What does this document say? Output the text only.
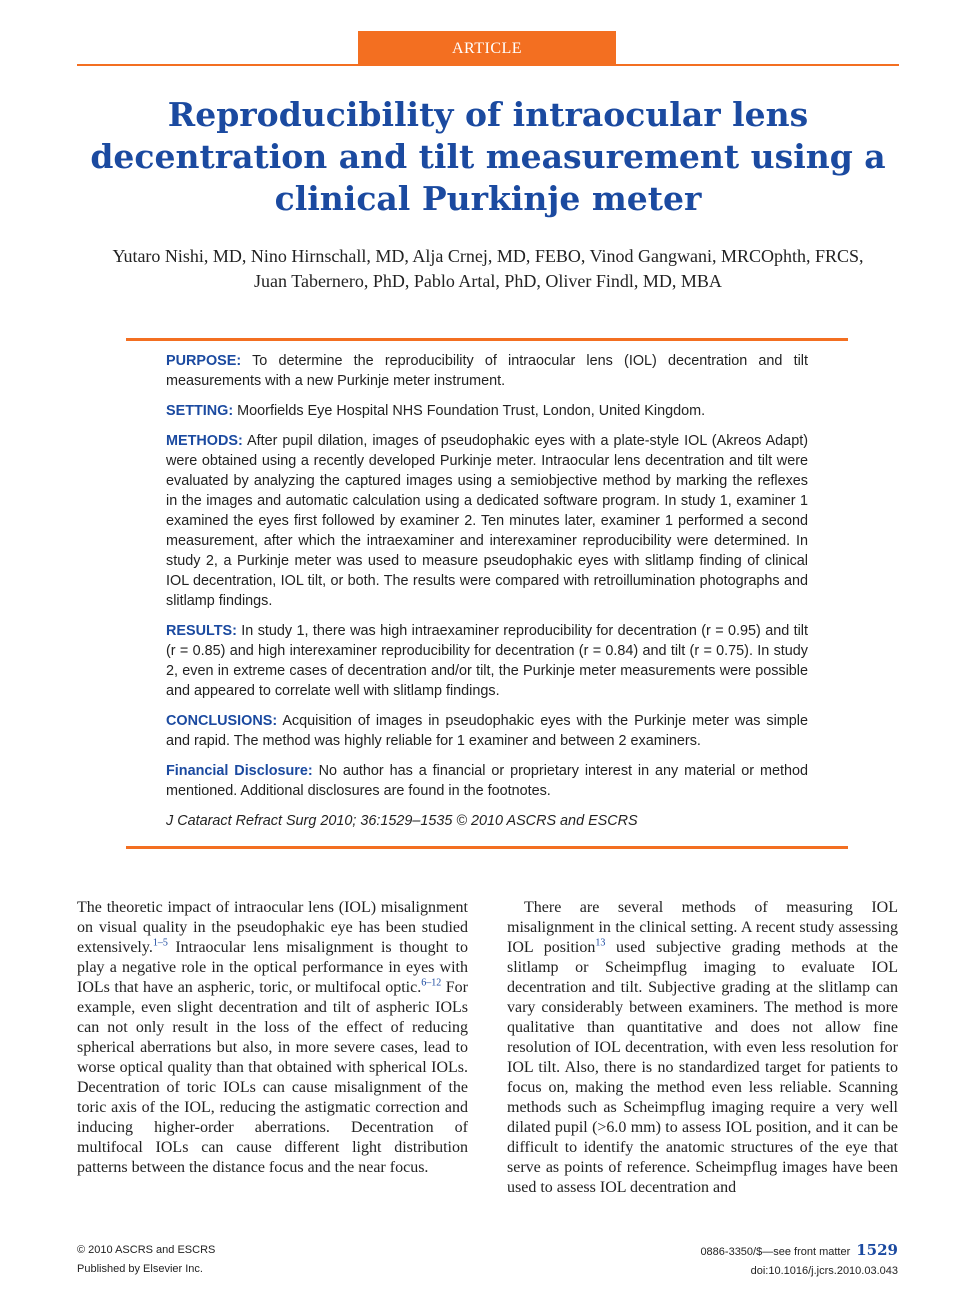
ARTICLE
Reproducibility of intraocular lens decentration and tilt measurement using a clinical Purkinje meter
Yutaro Nishi, MD, Nino Hirnschall, MD, Alja Crnej, MD, FEBO, Vinod Gangwani, MRCOphth, FRCS,
Juan Tabernero, PhD, Pablo Artal, PhD, Oliver Findl, MD, MBA

PURPOSE: To determine the reproducibility of intraocular lens (IOL) decentration and tilt measurements with a new Purkinje meter instrument.

SETTING: Moorfields Eye Hospital NHS Foundation Trust, London, United Kingdom.

METHODS: After pupil dilation, images of pseudophakic eyes with a plate-style IOL (Akreos Adapt) were obtained using a recently developed Purkinje meter. Intraocular lens decentration and tilt were evaluated by analyzing the captured images using a semiobjective method by marking the reflexes in the images and automatic calculation using a dedicated software program. In study 1, examiner 1 examined the eyes first followed by examiner 2. Ten minutes later, examiner 1 performed a second measurement, after which the intraexaminer and interexaminer reproducibility were determined. In study 2, a Purkinje meter was used to measure pseudophakic eyes with slitlamp finding of clinical IOL decentration, IOL tilt, or both. The results were compared with retroillumination photographs and slitlamp findings.

RESULTS: In study 1, there was high intraexaminer reproducibility for decentration (r = 0.95) and tilt (r = 0.85) and high interexaminer reproducibility for decentration (r = 0.84) and tilt (r = 0.75). In study 2, even in extreme cases of decentration and/or tilt, the Purkinje meter measurements were possible and appeared to correlate well with slitlamp findings.

CONCLUSIONS: Acquisition of images in pseudophakic eyes with the Purkinje meter was simple and rapid. The method was highly reliable for 1 examiner and between 2 examiners.

Financial Disclosure: No author has a financial or proprietary interest in any material or method mentioned. Additional disclosures are found in the footnotes.

J Cataract Refract Surg 2010; 36:1529–1535 © 2010 ASCRS and ESCRS

The theoretic impact of intraocular lens (IOL) misalignment on visual quality in the pseudophakic eye has been studied extensively.$^{1-5}$ Intraocular lens misalignment is thought to play a negative role in the optical performance in eyes with IOLs that have an aspheric, toric, or multifocal optic.$^{6-12}$ For example, even slight decentration and tilt of aspheric IOLs can not only result in the loss of the effect of reducing spherical aberrations but also, in more severe cases, lead to worse optical quality than that obtained with spherical IOLs. Decentration of toric IOLs can cause misalignment of the toric axis of the IOL, reducing the astigmatic correction and inducing higher-order aberrations. Decentration of multifocal IOLs can cause different light distribution patterns between the distance focus and the near focus.

There are several methods of measuring IOL misalignment in the clinical setting. A recent study assessing IOL position$^{13}$ used subjective grading methods at the slitlamp or Scheimpflug imaging to evaluate IOL decentration and tilt. Subjective grading at the slitlamp can vary considerably between examiners. The method is more qualitative than quantitative and does not allow fine resolution of IOL decentration, with even less resolution for IOL tilt. Also, there is no standardized target for patients to focus on, making the method even less reliable. Scanning methods such as Scheimpflug imaging require a very well dilated pupil (>6.0 mm) to assess IOL position, and it can be difficult to identify the anatomic structures of the eye that serve as points of reference. Scheimpflug images have been used to assess IOL decentration and

© 2010 ASCRS and ESCRS
Published by Elsevier Inc.
0886-3350/$—see front matter 1529
doi:10.1016/j.jcrs.2010.03.043
